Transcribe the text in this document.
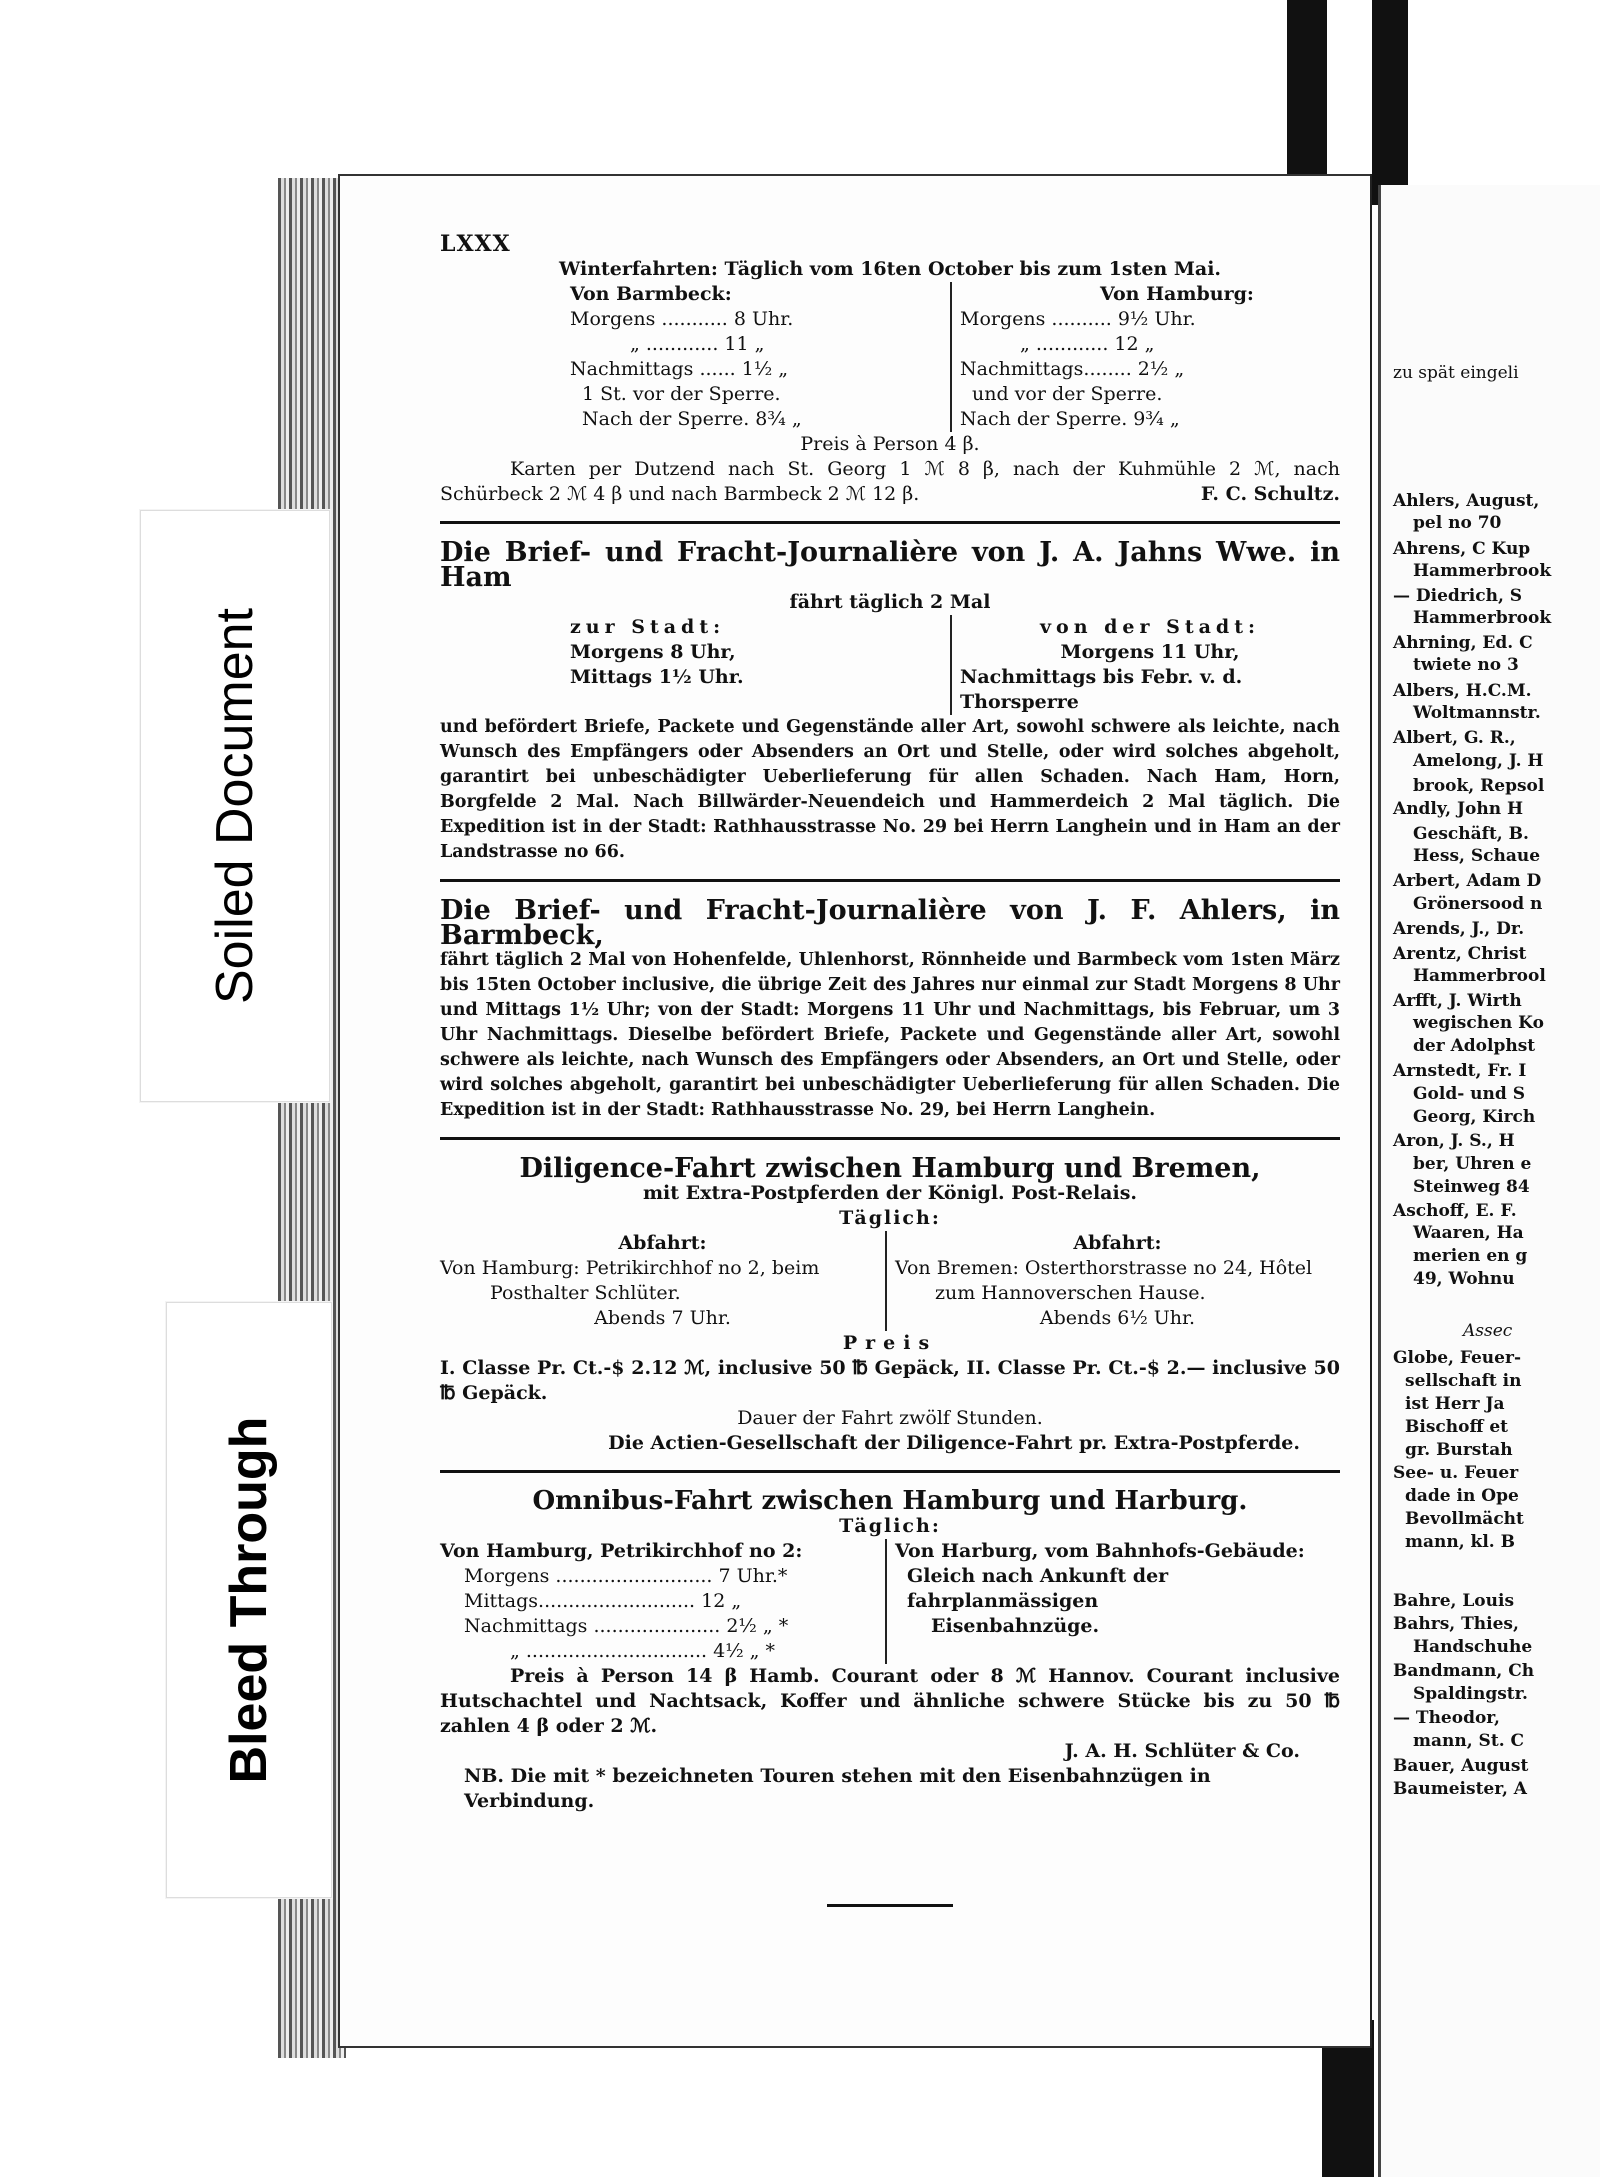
zu spät eingeli
Ahlers, August,
pel no 70
Ahrens, C Kup
Hammerbrook
— Diedrich, S
Hammerbrook
Ahrning, Ed. C
twiete no 3
Albers, H.C.M.
Woltmannstr.
Albert, G. R.,
Amelong, J. H
brook, Repsol
Andly, John H
Geschäft, B.
Hess, Schaue
Arbert, Adam D
Grönersood n
Arends, J., Dr.
Arentz, Christ
Hammerbrool
Arfft, J. Wirth
wegischen Ko
der Adolphst
Arnstedt, Fr. I
Gold- und S
Georg, Kirch
Aron, J. S., H
ber, Uhren e
Steinweg 84
Aschoff, E. F.
Waaren, Ha
merien en g
49, Wohnu
Assec
Globe, Feuer-
sellschaft in
ist Herr Ja
Bischoff et
gr. Burstah
See- u. Feuer
dade in Ope
Bevollmächt
mann, kl. B
Bahre, Louis
Bahrs, Thies,
Handschuhe
Bandmann, Ch
Spaldingstr.
— Theodor,
mann, St. C
Bauer, August
Baumeister, A
LXXX
Winterfahrten: Täglich vom 16ten October bis zum 1sten Mai.
Von Barmbeck:
Morgens ........... 8 Uhr.
„ ............ 11 „
Nachmittags ...... 1½ „
1 St. vor der Sperre.
Nach der Sperre. 8¾ „
Von Hamburg:
Morgens .......... 9½ Uhr.
„ ............ 12 „
Nachmittags........ 2½ „
und vor der Sperre.
Nach der Sperre. 9¾ „
Preis à Person 4 β.
Karten per Dutzend nach St. Georg 1 ℳ 8 β, nach der Kuhmühle 2 ℳ, nach Schürbeck 2 ℳ 4 β und nach Barmbeck 2 ℳ 12 β.	F. C. Schultz.
Die Brief- und Fracht-Journalière von J. A. Jahns Wwe. in Ham
fährt täglich 2 Mal
zur Stadt:
Morgens 8 Uhr,
Mittags 1½ Uhr.
von der Stadt:
Morgens 11 Uhr,
Nachmittags bis Febr. v. d. Thorsperre
und befördert Briefe, Packete und Gegenstände aller Art, sowohl schwere als leichte, nach Wunsch des Empfängers oder Absenders an Ort und Stelle, oder wird solches abgeholt, garantirt bei unbeschädigter Ueberlieferung für allen Schaden. Nach Ham, Horn, Borgfelde 2 Mal. Nach Billwärder-Neuendeich und Hammerdeich 2 Mal täglich. Die Expedition ist in der Stadt: Rathhausstrasse No. 29 bei Herrn Langhein und in Ham an der Landstrasse no 66.
Die Brief- und Fracht-Journalière von J. F. Ahlers, in Barmbeck,
fährt täglich 2 Mal von Hohenfelde, Uhlenhorst, Rönnheide und Barmbeck vom 1sten März bis 15ten October inclusive, die übrige Zeit des Jahres nur einmal zur Stadt Morgens 8 Uhr und Mittags 1½ Uhr; von der Stadt: Morgens 11 Uhr und Nachmittags, bis Februar, um 3 Uhr Nachmittags. Dieselbe befördert Briefe, Packete und Gegenstände aller Art, sowohl schwere als leichte, nach Wunsch des Empfängers oder Absenders, an Ort und Stelle, oder wird solches abgeholt, garantirt bei unbeschädigter Ueberlieferung für allen Schaden. Die Expedition ist in der Stadt: Rathhausstrasse No. 29, bei Herrn Langhein.
Diligence-Fahrt zwischen Hamburg und Bremen,
mit Extra-Postpferden der Königl. Post-Relais.
Täglich:
Abfahrt:
Von Hamburg: Petrikirchhof no 2, beim
Posthalter Schlüter.
Abends 7 Uhr.
Abfahrt:
Von Bremen: Osterthorstrasse no 24, Hôtel
zum Hannoverschen Hause.
Abends 6½ Uhr.
Preis
I. Classe Pr. Ct.-$ 2.12 ℳ, inclusive 50 ℔ Gepäck, II. Classe Pr. Ct.-$ 2.— inclusive 50 ℔ Gepäck.
Dauer der Fahrt zwölf Stunden.
Die Actien-Gesellschaft der Diligence-Fahrt pr. Extra-Postpferde.
Omnibus-Fahrt zwischen Hamburg und Harburg.
Täglich:
Von Hamburg, Petrikirchhof no 2:
Morgens .......................... 7 Uhr.*
Mittags.......................... 12 „
Nachmittags ..................... 2½ „ *
„ .............................. 4½ „ *
Von Harburg, vom Bahnhofs-Gebäude:
Gleich nach Ankunft der fahrplanmässigen
Eisenbahnzüge.
Preis à Person 14 β Hamb. Courant oder 8 ℳ Hannov. Courant inclusive Hutschachtel und Nachtsack, Koffer und ähnliche schwere Stücke bis zu 50 ℔ zahlen 4 β oder 2 ℳ.
J. A. H. Schlüter & Co.
NB. Die mit * bezeichneten Touren stehen mit den Eisenbahnzügen in Verbindung.
Soiled Document
Bleed Through
